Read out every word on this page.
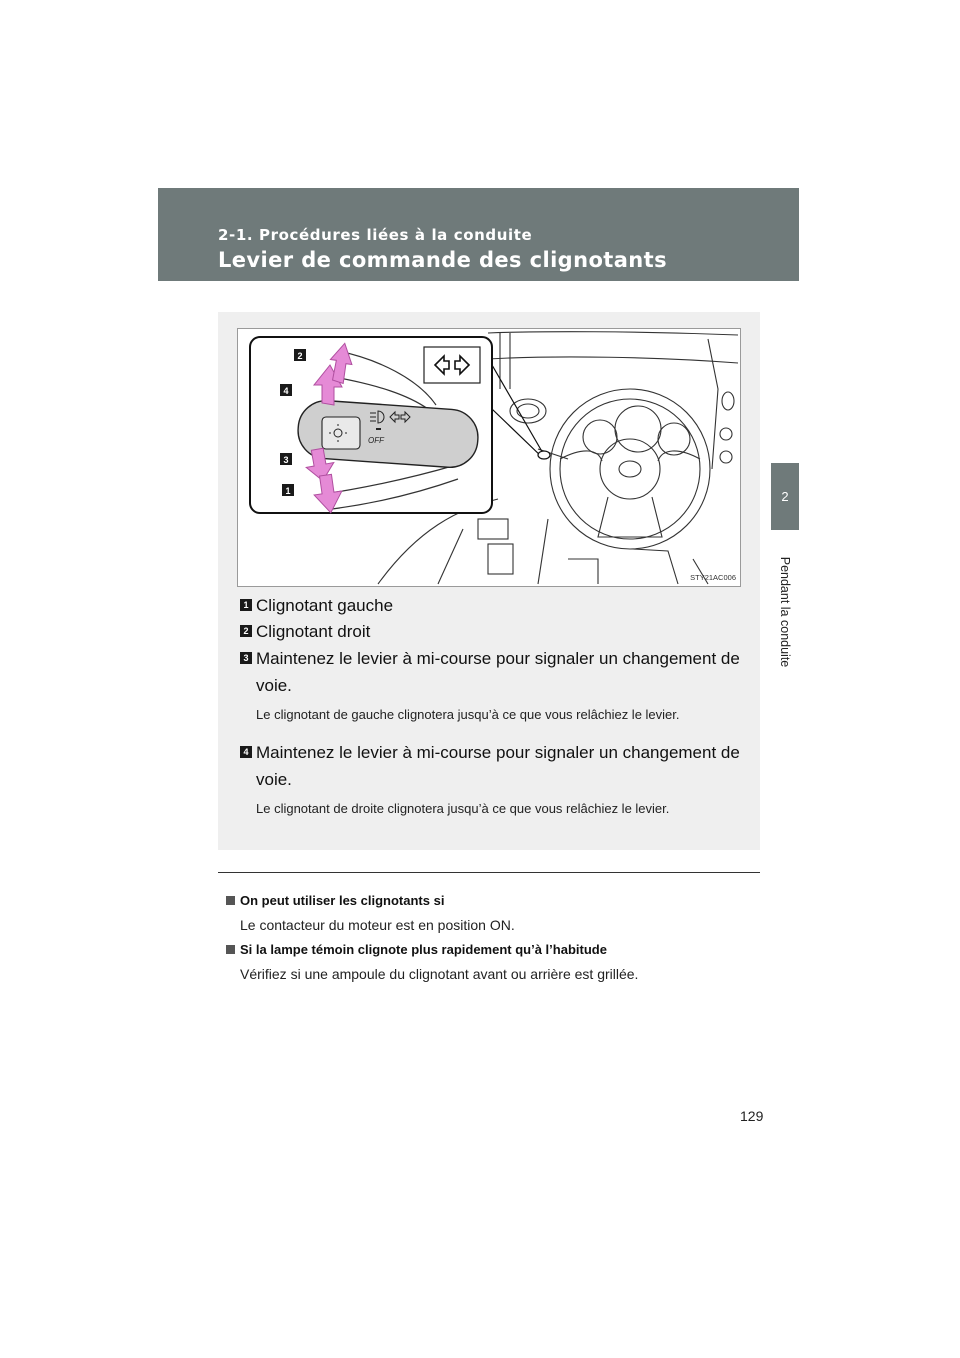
2-1. Procédures liées à la conduite
Levier de commande des clignotants
2
Pendant la conduite
OFF
2
4
3
1
STY21AC006
1 Clignotant gauche
2 Clignotant droit
3 Maintenez le levier à mi-course pour signaler un changement de voie.
Le clignotant de gauche clignotera jusqu’à ce que vous relâchiez le levier.
4 Maintenez le levier à mi-course pour signaler un changement de voie.
Le clignotant de droite clignotera jusqu’à ce que vous relâchiez le levier.
On peut utiliser les clignotants si
Le contacteur du moteur est en position ON.
Si la lampe témoin clignote plus rapidement qu’à l’habitude
Vérifiez si une ampoule du clignotant avant ou arrière est grillée.
129
